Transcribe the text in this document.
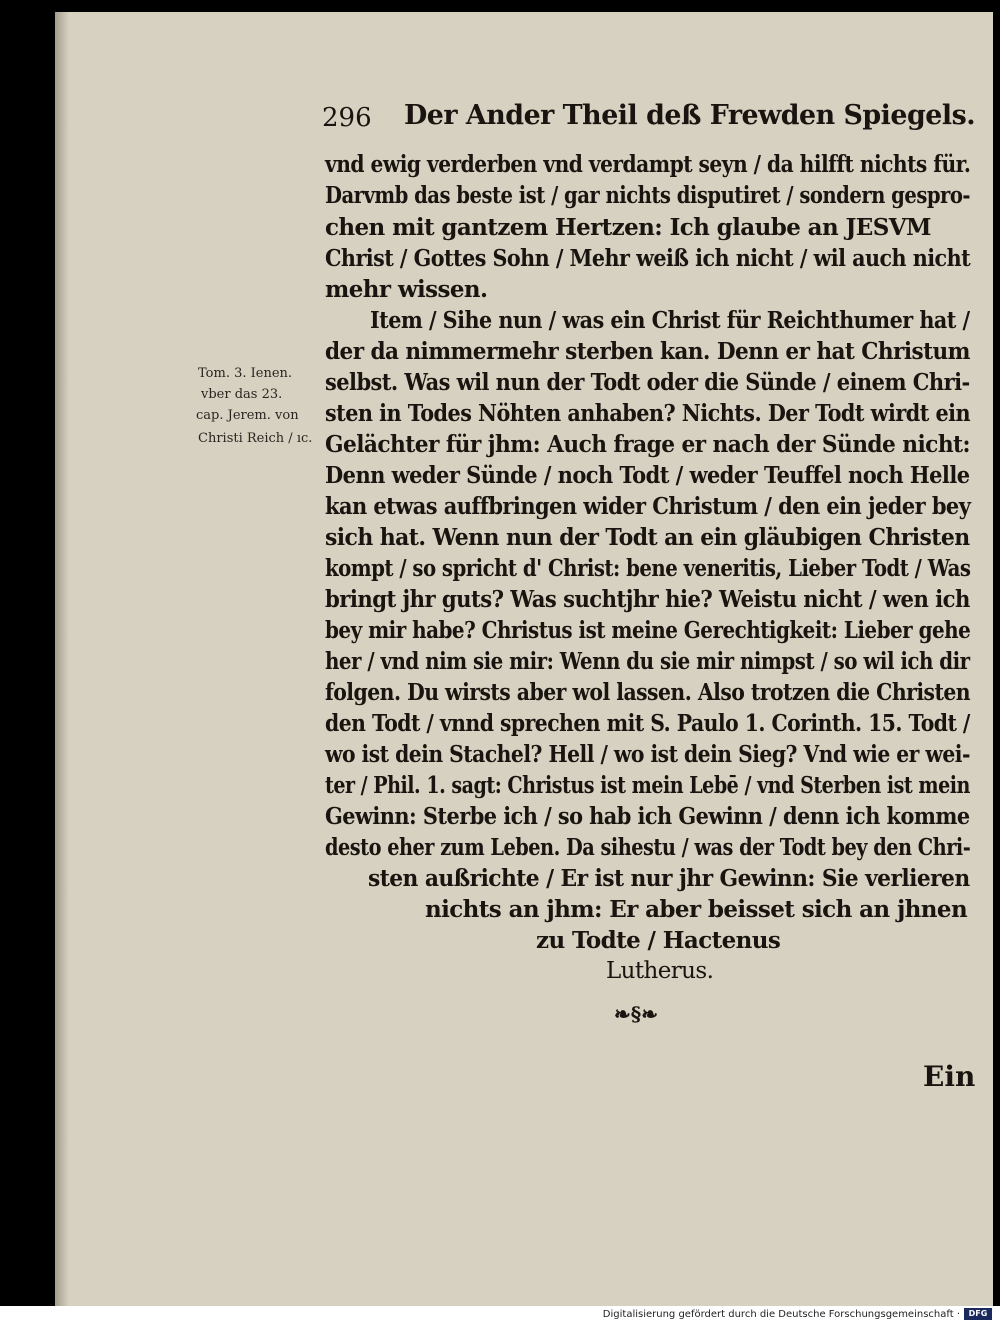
296 Der Ander Theil deß Frewden Spiegels.
vnd ewig verderben vnd verdampt seyn / da hilfft nichts für.
Darvmb das beste ist / gar nichts disputiret / sondern gespro-
chen mit gantzem Hertzen: Ich glaube an JESVM
Christ / Gottes Sohn / Mehr weiß ich nicht / wil auch nicht
mehr wissen.
Item / Sihe nun / was ein Christ für Reichthumer hat /
der da nimmermehr sterben kan. Denn er hat Christum
selbst. Was wil nun der Todt oder die Sünde / einem Chri-
sten in Todes Nöhten anhaben? Nichts. Der Todt wirdt ein
Gelächter für jhm: Auch frage er nach der Sünde nicht:
Denn weder Sünde / noch Todt / weder Teuffel noch Helle
kan etwas auffbringen wider Christum / den ein jeder bey
sich hat. Wenn nun der Todt an ein gläubigen Christen
kompt / so spricht d' Christ: bene veneritis, Lieber Todt / Was
bringt jhr guts? Was suchtjhr hie? Weistu nicht / wen ich
bey mir habe? Christus ist meine Gerechtigkeit: Lieber gehe
her / vnd nim sie mir: Wenn du sie mir nimpst / so wil ich dir
folgen. Du wirsts aber wol lassen. Also trotzen die Christen
den Todt / vnnd sprechen mit S. Paulo 1. Corinth. 15. Todt /
wo ist dein Stachel? Hell / wo ist dein Sieg? Vnd wie er wei-
ter / Phil. 1. sagt: Christus ist mein Lebē / vnd Sterben ist mein
Gewinn: Sterbe ich / so hab ich Gewinn / denn ich komme
desto eher zum Leben. Da sihestu / was der Todt bey den Chri-
sten außrichte / Er ist nur jhr Gewinn: Sie verlieren
nichts an jhm: Er aber beisset sich an jhnen
zu Todte / Hactenus
Lutherus.
Tom. 3. Ienen.
vber das 23.
cap. Jerem. von
Christi Reich / ıc.
❧§❧
Ein
Digitalisierung gefördert durch die Deutsche Forschungsgemeinschaft ·	DFG
